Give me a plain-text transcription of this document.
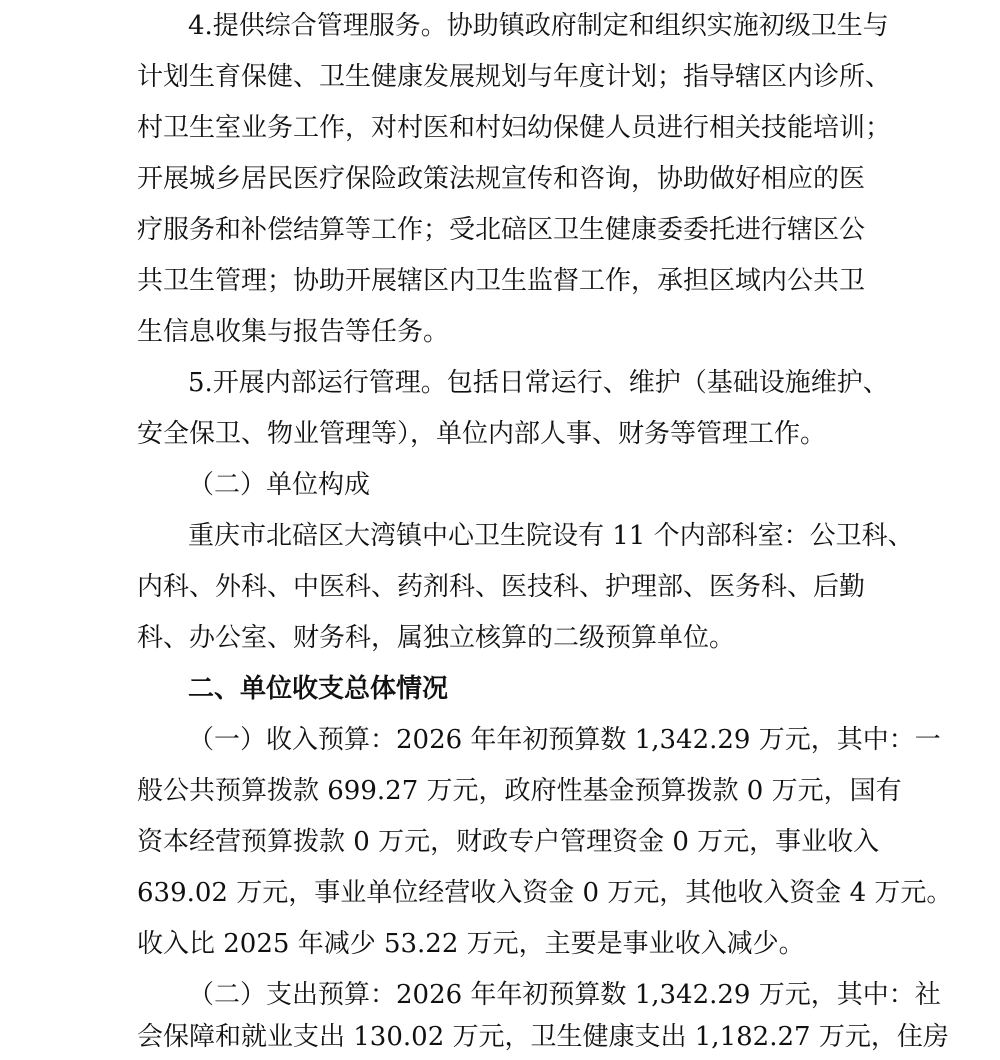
4.提供综合管理服务。协助镇政府制定和组织实施初级卫生与
计划生育保健、卫生健康发展规划与年度计划；指导辖区内诊所、
村卫生室业务工作，对村医和村妇幼保健人员进行相关技能培训；
开展城乡居民医疗保险政策法规宣传和咨询，协助做好相应的医
疗服务和补偿结算等工作；受北碚区卫生健康委委托进行辖区公
共卫生管理；协助开展辖区内卫生监督工作，承担区域内公共卫
生信息收集与报告等任务。
5.开展内部运行管理。包括日常运行、维护（基础设施维护、
安全保卫、物业管理等），单位内部人事、财务等管理工作。
（二）单位构成
重庆市北碚区大湾镇中心卫生院设有 11 个内部科室：公卫科、
内科、外科、中医科、药剂科、医技科、护理部、医务科、后勤
科、办公室、财务科，属独立核算的二级预算单位。
二、单位收支总体情况
（一）收入预算：2026 年年初预算数 1,342.29 万元，其中：一
般公共预算拨款 699.27 万元，政府性基金预算拨款 0 万元，国有
资本经营预算拨款 0 万元，财政专户管理资金 0 万元，事业收入
639.02 万元，事业单位经营收入资金 0 万元，其他收入资金 4 万元。
收入比 2025 年减少 53.22 万元，主要是事业收入减少。
（二）支出预算：2026 年年初预算数 1,342.29 万元，其中：社
会保障和就业支出 130.02 万元，卫生健康支出 1,182.27 万元，住房
